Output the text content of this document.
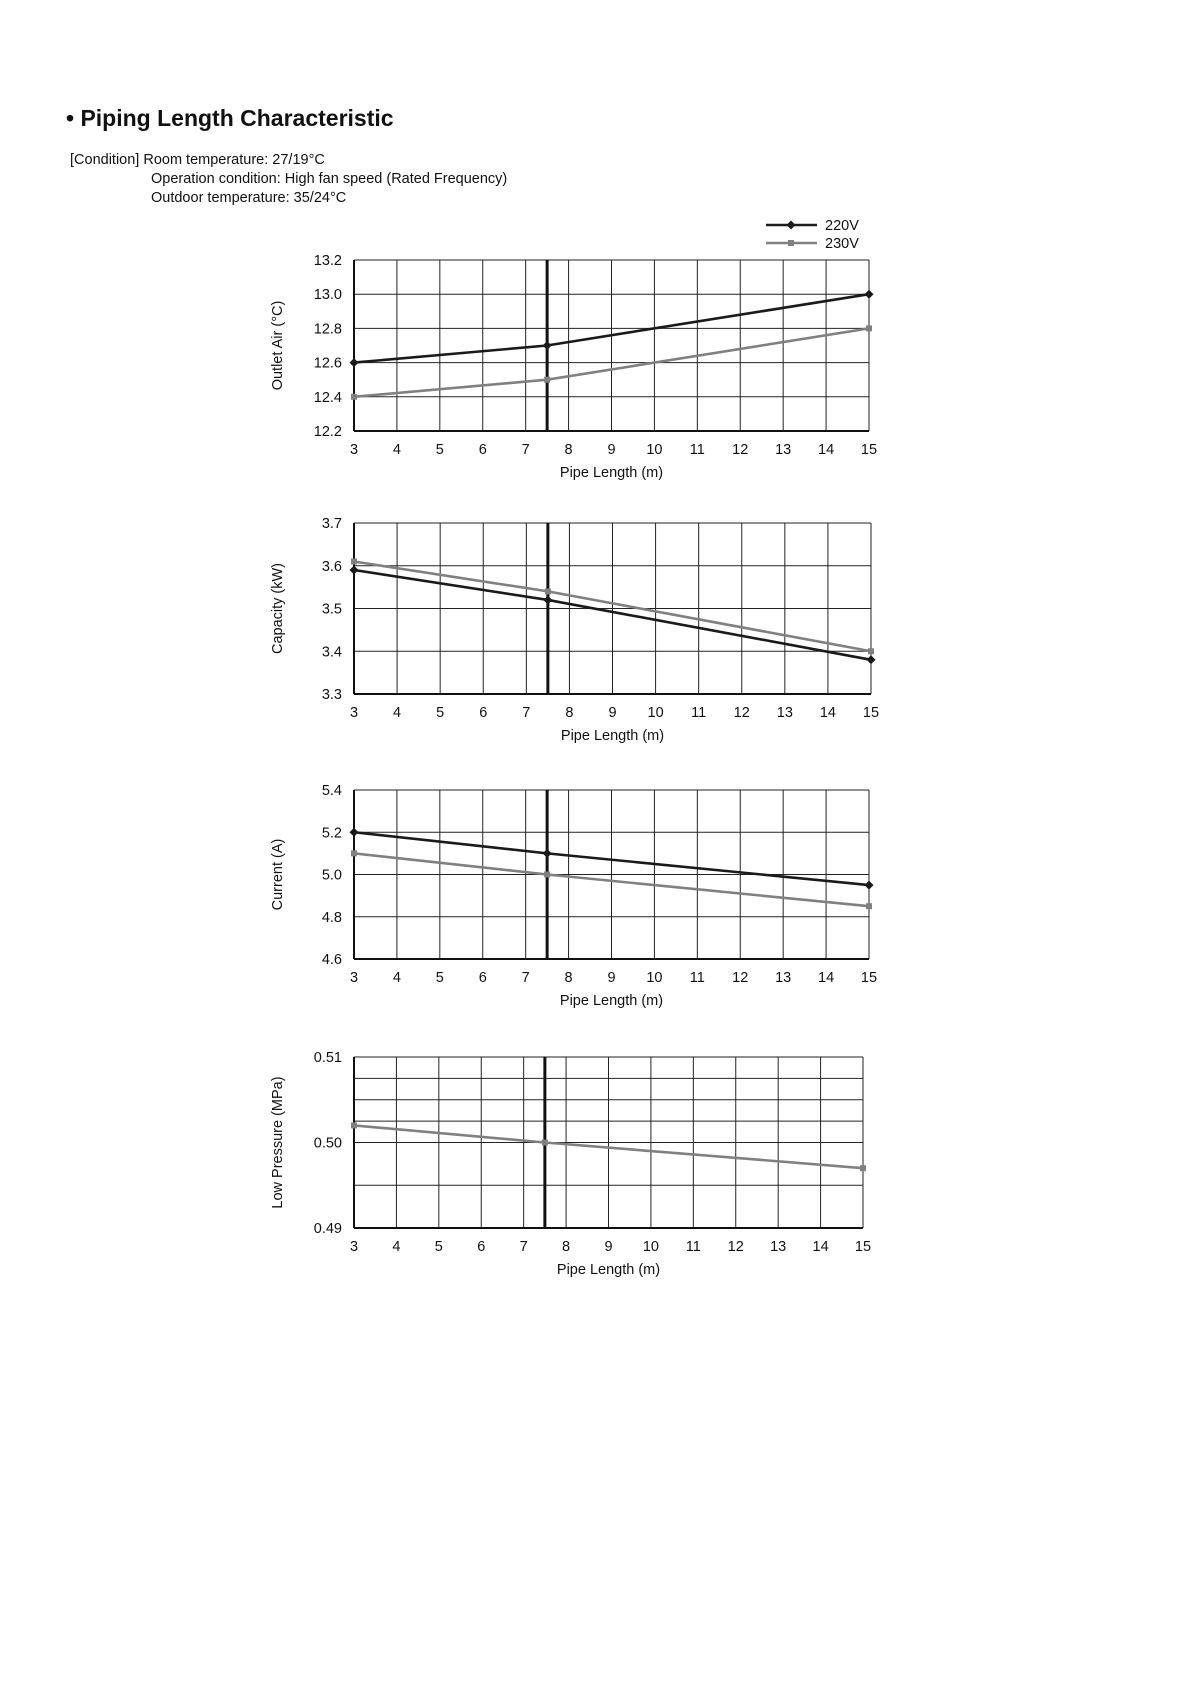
• Piping Length Characteristic
[Condition] Room temperature: 27/19°C
Operation condition: High fan speed (Rated Frequency)
Outdoor temperature: 35/24°C
220V
230V
12.2
12.4
12.6
12.8
13.0
13.2
3 4 5 6 7 8 9 10 11 12 13 14 15
Pipe Length (m)
Outlet Air (°C)
3.3
3.4
3.5
3.6
3.7
3 4 5 6 7 8 9 10 11 12 13 14 15
Pipe Length (m)
Capacity (kW)
4.6
4.8
5.0
5.2
5.4
3 4 5 6 7 8 9 10 11 12 13 14 15
Pipe Length (m)
Current (A)
0.49
0.50
0.51
3 4 5 6 7 8 9 10 11 12 13 14 15
Pipe Length (m)
Low Pressure (MPa)
